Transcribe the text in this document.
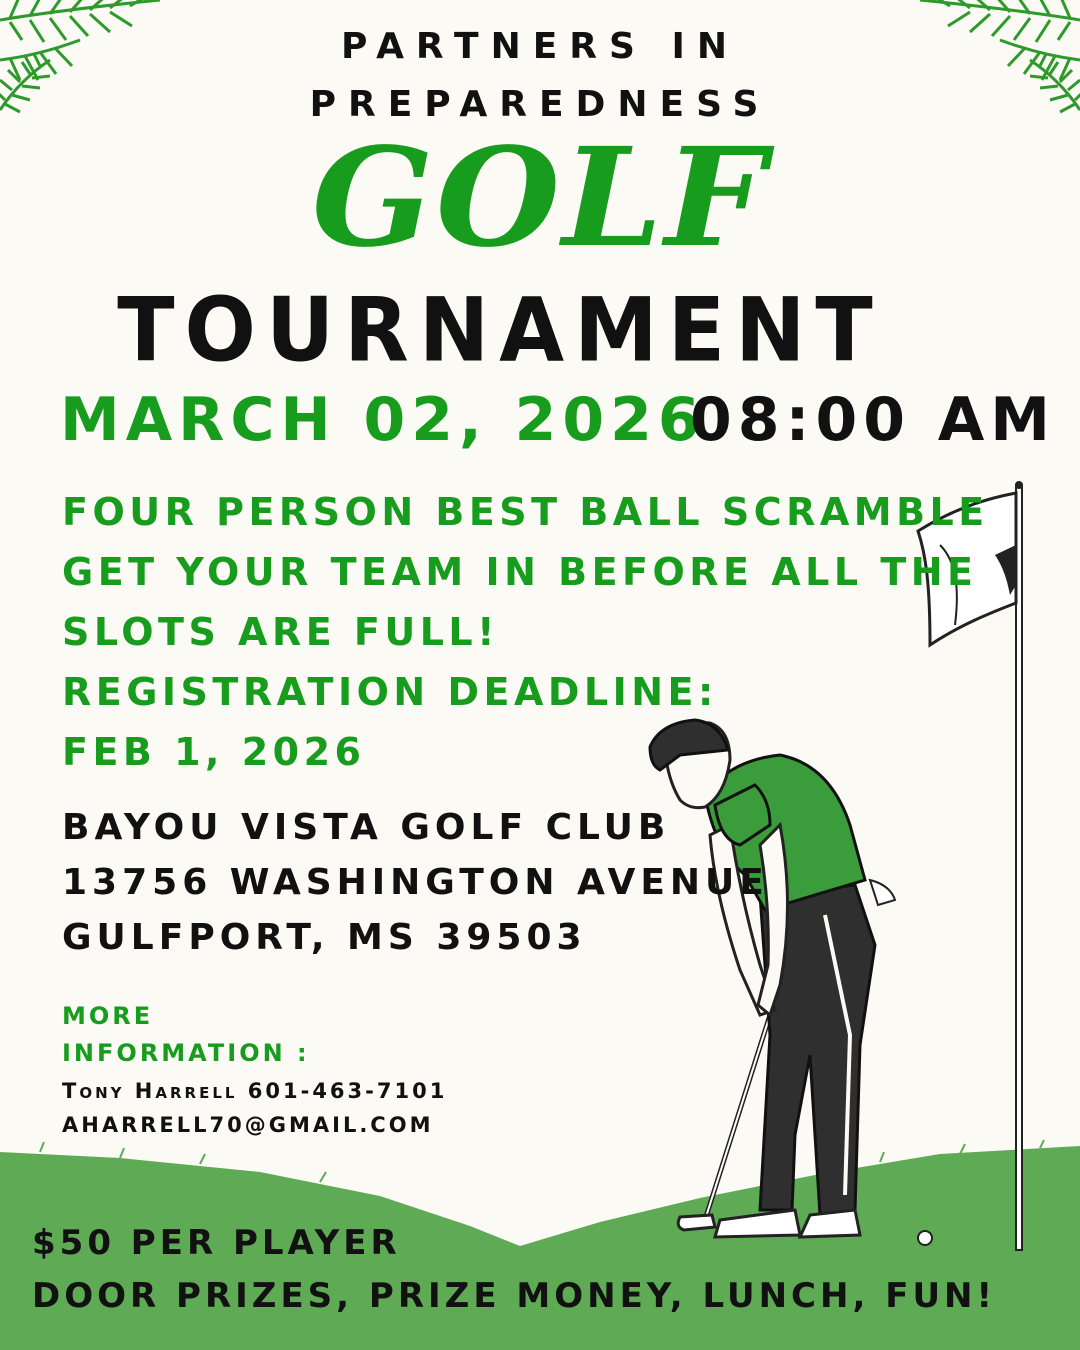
PARTNERS IN
PREPAREDNESS
GOLF
TOURNAMENT
MARCH 02, 2026
08:00 AM
FOUR PERSON BEST BALL SCRAMBLE
GET YOUR TEAM IN BEFORE ALL THE
SLOTS ARE FULL!
REGISTRATION DEADLINE:
FEB 1, 2026
BAYOU VISTA GOLF CLUB
13756 WASHINGTON AVENUE
GULFPORT, MS 39503
MORE
INFORMATION :
Tony Harrell 601-463-7101
AHARRELL70@GMAIL.COM
$50 PER PLAYER
DOOR PRIZES, PRIZE MONEY, LUNCH, FUN!
